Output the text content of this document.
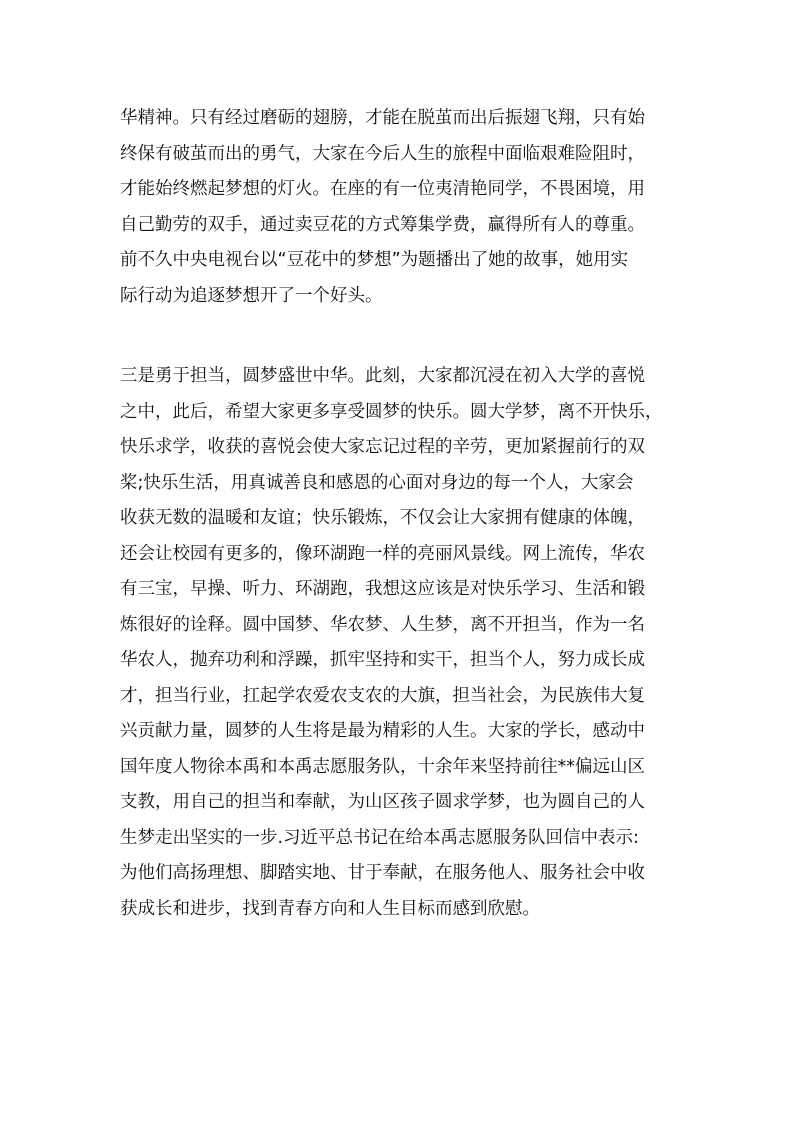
华精神。只有经过磨砺的翅膀，才能在脱茧而出后振翅飞翔，只有始
终保有破茧而出的勇气，大家在今后人生的旅程中面临艰难险阻时，
才能始终燃起梦想的灯火。在座的有一位夷清艳同学，不畏困境，用
自己勤劳的双手，通过卖豆花的方式筹集学费，赢得所有人的尊重。
前不久中央电视台以“豆花中的梦想”为题播出了她的故事，她用实
际行动为追逐梦想开了一个好头。
三是勇于担当，圆梦盛世中华。此刻，大家都沉浸在初入大学的喜悦
之中，此后，希望大家更多享受圆梦的快乐。圆大学梦，离不开快乐，
快乐求学，收获的喜悦会使大家忘记过程的辛劳，更加紧握前行的双
桨;快乐生活，用真诚善良和感恩的心面对身边的每一个人，大家会
收获无数的温暖和友谊；快乐锻炼，不仅会让大家拥有健康的体魄，
还会让校园有更多的，像环湖跑一样的亮丽风景线。网上流传，华农
有三宝，早操、听力、环湖跑，我想这应该是对快乐学习、生活和锻
炼很好的诠释。圆中国梦、华农梦、人生梦，离不开担当，作为一名
华农人，抛弃功利和浮躁，抓牢坚持和实干，担当个人，努力成长成
才，担当行业，扛起学农爱农支农的大旗，担当社会，为民族伟大复
兴贡献力量，圆梦的人生将是最为精彩的人生。大家的学长，感动中
国年度人物徐本禹和本禹志愿服务队，十余年来坚持前往**偏远山区
支教，用自己的担当和奉献，为山区孩子圆求学梦，也为圆自己的人
生梦走出坚实的一步.习近平总书记在给本禹志愿服务队回信中表示:
为他们高扬理想、脚踏实地、甘于奉献，在服务他人、服务社会中收
获成长和进步，找到青春方向和人生目标而感到欣慰。
